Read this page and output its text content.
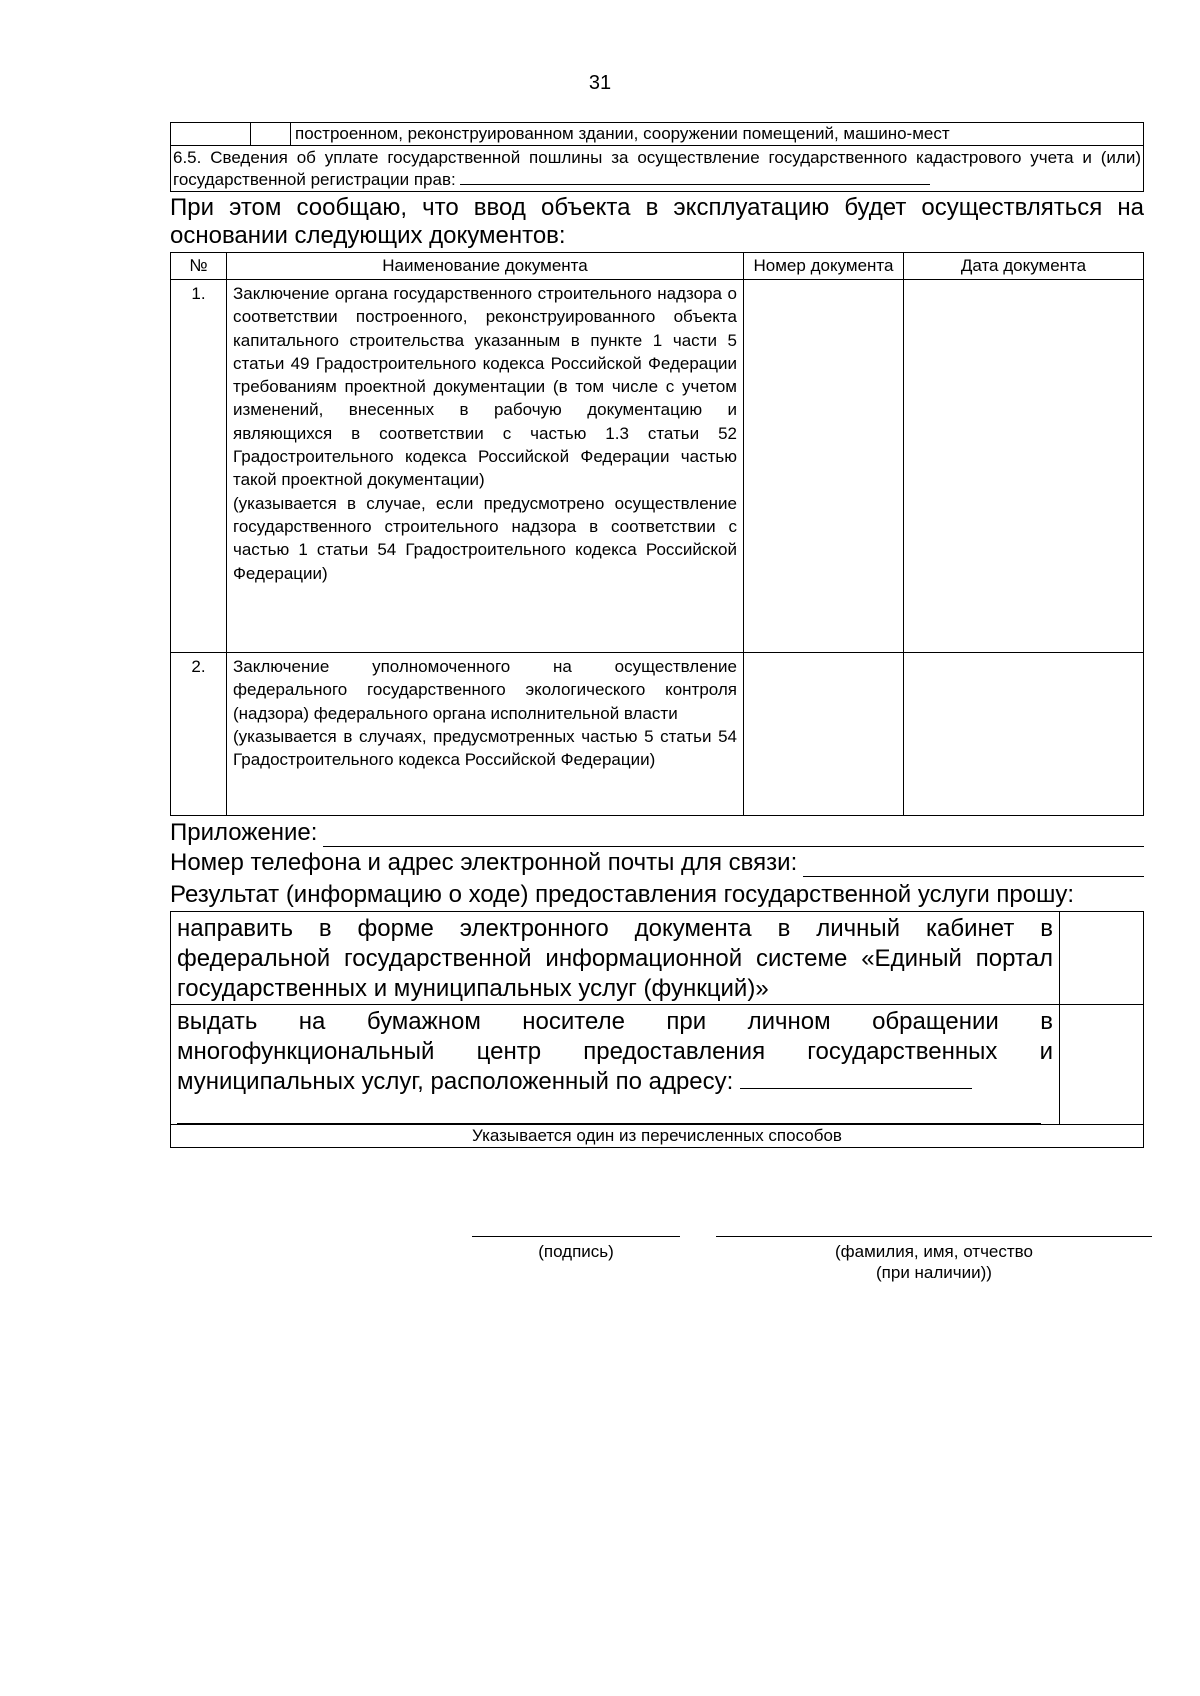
31
		построенном, реконструированном здании, сооружении помещений, машино-мест
6.5. Сведения об уплате государственной пошлины за осуществление государственного кадастрового учета и (или) государственной регистрации прав:
При этом сообщаю, что ввод объекта в эксплуатацию будет осуществляться на основании следующих документов:
№	Наименование документа	Номер документа	Дата документа
1.	Заключение органа государственного строительного надзора о соответствии построенного, реконструированного объекта капитального строительства указанным в пункте 1 части 5 статьи 49 Градостроительного кодекса Российской Федерации требованиям проектной документации (в том числе с учетом изменений, внесенных в рабочую документацию и являющихся в соответствии с частью 1.3 статьи 52 Градостроительного кодекса Российской Федерации частью такой проектной документации)

(указывается в случае, если предусмотрено осуществление государственного строительного надзора в соответствии с частью 1 статьи 54 Градостроительного кодекса Российской Федерации)		

2.	Заключение уполномоченного на осуществление федерального государственного экологического контроля (надзора) федерального органа исполнительной власти

(указывается в случаях, предусмотренных частью 5 статьи 54 Градостроительного кодекса Российской Федерации)		

Приложение:
Номер телефона и адрес электронной почты для связи:
Результат (информацию о ходе) предоставления государственной услуги прошу:
направить в форме электронного документа в личный кабинет в федеральной государственной информационной системе «Единый портал государственных и муниципальных услуг (функций)»	
выдать на бумажном носителе при личном обращении в многофункциональный центр предоставления государственных и муниципальных услуг, расположенный по адресу:

Указывается один из перечисленных способов	
(подпись)	(фамилия, имя, отчество
(при наличии))
